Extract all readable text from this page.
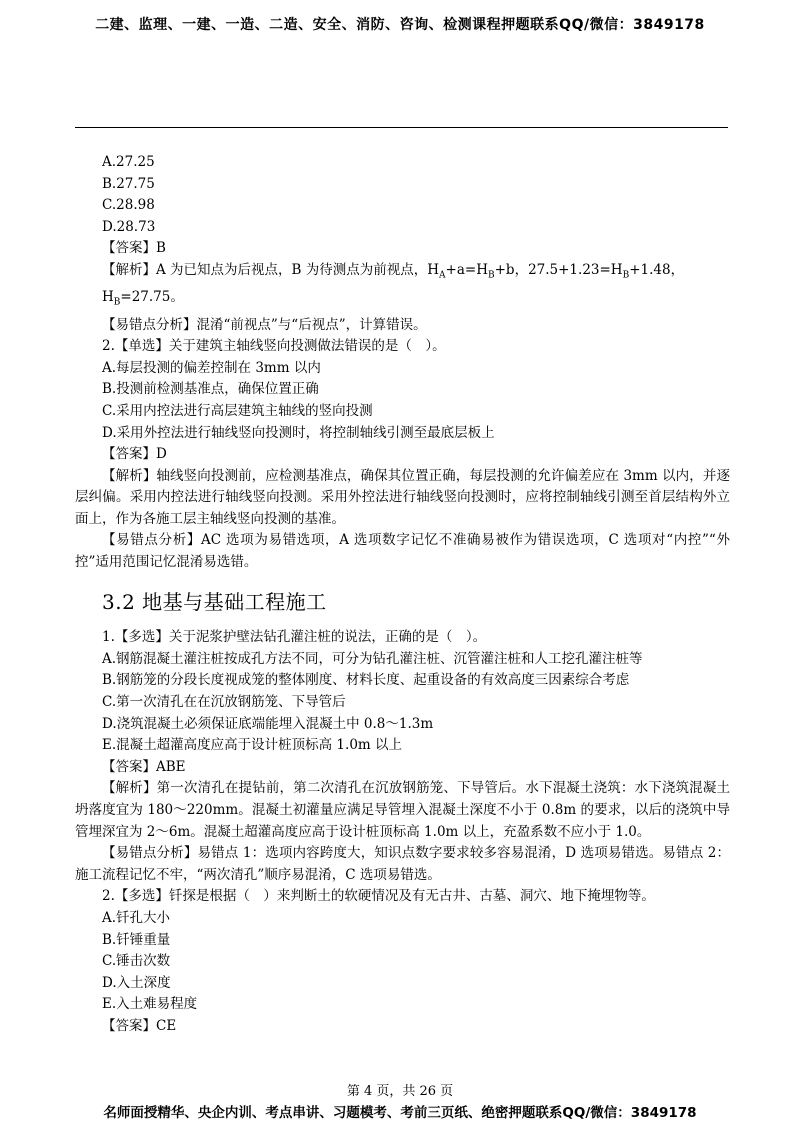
二建、监理、一建、一造、二造、安全、消防、咨询、检测课程押题联系QQ/微信：3849178

A.27.25

B.27.75

C.28.98

D.28.73

【答案】B

【解析】A 为已知点为后视点，B 为待测点为前视点，$H_A+a=H_B+b$，$27.5+1.23=H_B+1.48$，$H_B=27.75$。

【易错点分析】混淆“前视点”与“后视点”，计算错误。

2.【单选】关于建筑主轴线竖向投测做法错误的是（　）。

A.每层投测的偏差控制在 3mm 以内

B.投测前检测基准点，确保位置正确

C.采用内控法进行高层建筑主轴线的竖向投测

D.采用外控法进行轴线竖向投测时，将控制轴线引测至最底层板上

【答案】D

【解析】轴线竖向投测前，应检测基准点，确保其位置正确，每层投测的允许偏差应在 3mm 以内，并逐层纠偏。采用内控法进行轴线竖向投测。采用外控法进行轴线竖向投测时，应将控制轴线引测至首层结构外立面上，作为各施工层主轴线竖向投测的基准。

【易错点分析】AC 选项为易错选项，A 选项数字记忆不准确易被作为错误选项，C 选项对“内控”“外控”适用范围记忆混淆易选错。

3.2 地基与基础工程施工

1.【多选】关于泥浆护壁法钻孔灌注桩的说法，正确的是（　）。

A.钢筋混凝土灌注桩按成孔方法不同，可分为钻孔灌注桩、沉管灌注桩和人工挖孔灌注桩等

B.钢筋笼的分段长度视成笼的整体刚度、材料长度、起重设备的有效高度三因素综合考虑

C.第一次清孔在在沉放钢筋笼、下导管后

D.浇筑混凝土必须保证底端能埋入混凝土中 0.8～1.3m

E.混凝土超灌高度应高于设计桩顶标高 1.0m 以上

【答案】ABE

【解析】第一次清孔在提钻前，第二次清孔在沉放钢筋笼、下导管后。水下混凝土浇筑：水下浇筑混凝土坍落度宜为 180～220mm。混凝土初灌量应满足导管埋入混凝土深度不小于 0.8m 的要求，以后的浇筑中导管埋深宜为 2～6m。混凝土超灌高度应高于设计桩顶标高 1.0m 以上，充盈系数不应小于 1.0。

【易错点分析】易错点 1：选项内容跨度大，知识点数字要求较多容易混淆，D 选项易错选。易错点 2：施工流程记忆不牢，“两次清孔”顺序易混淆，C 选项易错选。

2.【多选】钎探是根据（　）来判断土的软硬情况及有无古井、古墓、洞穴、地下掩埋物等。

A.钎孔大小

B.钎锤重量

C.锤击次数

D.入土深度

E.入土难易程度

【答案】CE

第 4 页，共 26 页
名师面授精华、央企内训、考点串讲、习题模考、考前三页纸、绝密押题联系QQ/微信：3849178
